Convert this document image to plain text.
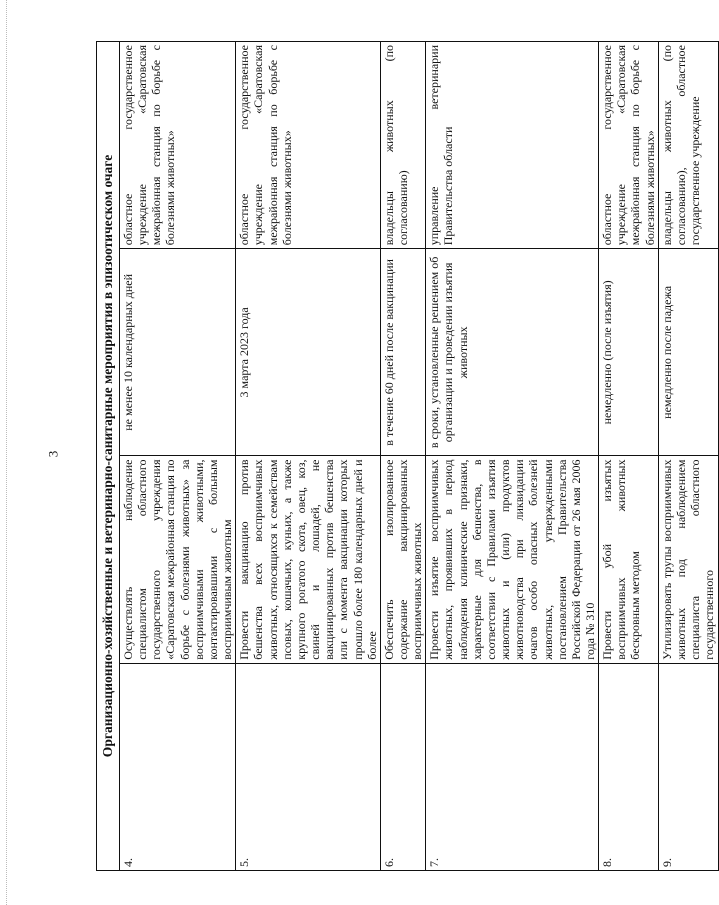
3	Организационно-хозяйственные и ветеринарно-санитарные мероприятия в эпизоотическом очаге			
4.	Осуществлять наблюдение специалистом областного государственного учреждения «Саратовская межрайонная станция по борьбе с болезнями животных» за восприимчивыми животными, контактировавшими с больным восприимчивым животным	не менее 10 календарных дней	областное государственное учреждение «Саратовская межрайонная станция по борьбе с болезнями животных»
5.	Провести вакцинацию против бешенства всех восприимчивых животных, относящихся к семействам псовых, кошачьих, куньих, а также крупного рогатого скота, овец, коз, свиней и лошадей, не вакцинированных против бешенства или с момента вакцинации которых прошло более 180 календарных дней и более	3 марта 2023 года	областное государственное учреждение «Саратовская межрайонная станция по борьбе с болезнями животных»
6.	Обеспечить изолированное содержание вакцинированных восприимчивых животных	в течение 60 дней после вакцинации	владельцы животных (по согласованию)
7.	Провести изъятие восприимчивых животных, проявивших в период наблюдения клинические признаки, характерные для бешенства, в соответствии с Правилами изъятия животных и (или) продуктов животноводства при ликвидации очагов особо опасных болезней животных, утвержденными постановлением Правительства Российской Федерации от 26 мая 2006 года № 310	в сроки, установленные решением об организации и проведении изъятия животных	управление ветеринарии Правительства области
8.	Провести убой изъятых восприимчивых животных бескровным методом	немедленно (после изъятия)	областное государственное учреждение «Саратовская межрайонная станция по борьбе с болезнями животных»
9.	Утилизировать трупы восприимчивых животных под наблюдением специалиста областного государственного	немедленно после падежа	владельцы животных (по согласованию), областное государственное учреждение
